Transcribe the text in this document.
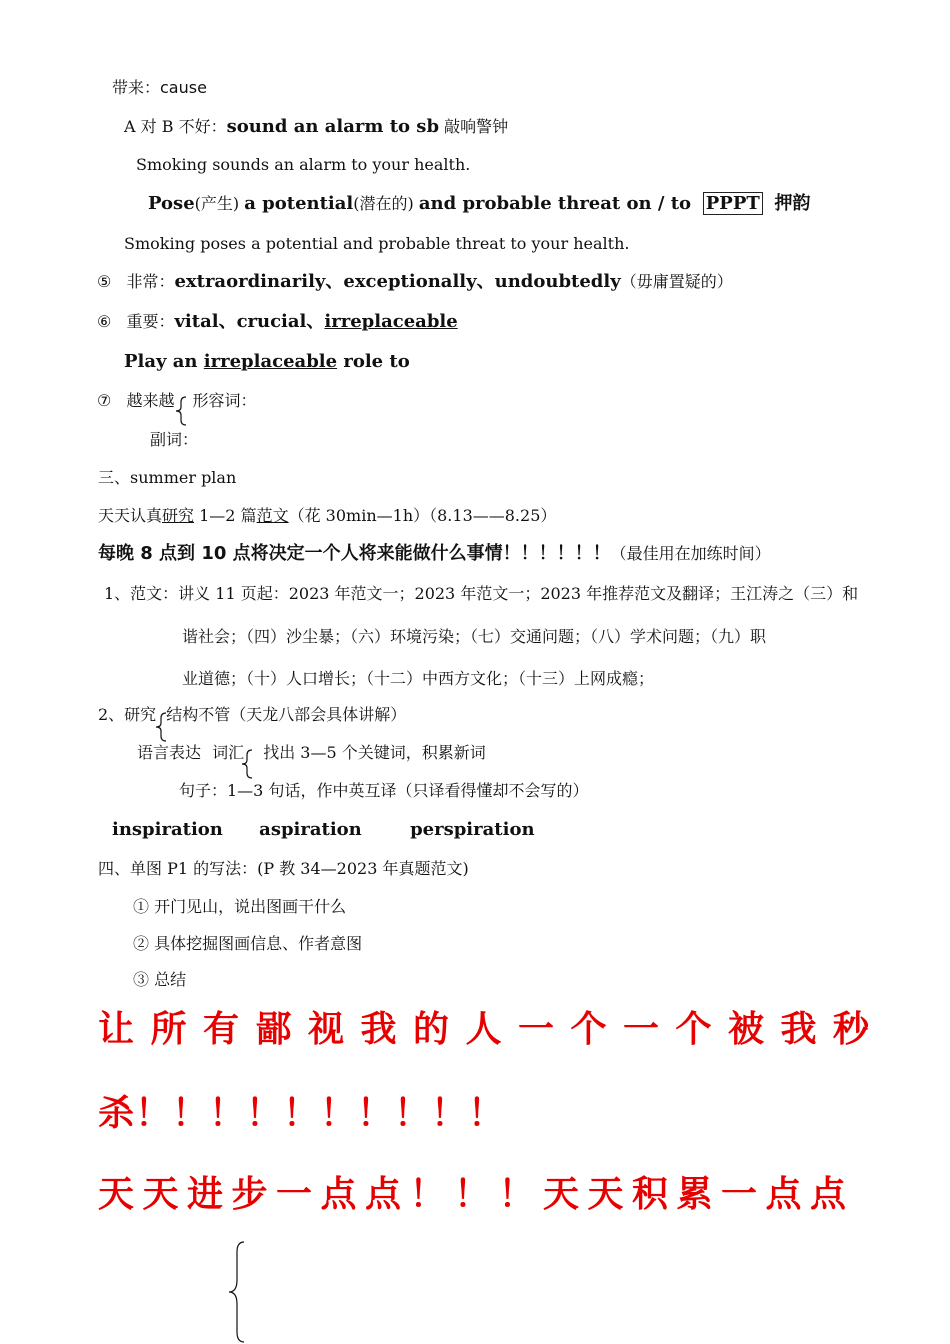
带来：cause
A 对 B 不好：sound an alarm to sb 敲响警钟
Smoking sounds an alarm to your health.
Pose(产生) a potential(潜在的) and probable threat on / to PPPT 押韵
Smoking poses a potential and probable threat to your health.
⑤ 非常：extraordinarily、exceptionally、undoubtedly（毋庸置疑的）
⑥ 重要：vital、crucial、irreplaceable
Play an irreplaceable role to
⑦ 越来越 形容词：
副词：
三、summer plan
天天认真研究 1—2 篇范文（花 30min—1h）（8.13——8.25）
每晚 8 点到 10 点将决定一个人将来能做什么事情！！！！！！（最佳用在加练时间）
1、范文：讲义 11 页起：2023 年范文一；2023 年范文一；2023 年推荐范文及翻译；王江涛之（三）和
谐社会；（四）沙尘暴；（六）环境污染；（七）交通问题；（八）学术问题；（九）职
业道德；（十）人口增长；（十二）中西方文化；（十三）上网成瘾；
2、研究 结构不管（天龙八部会具体讲解）
语言表达 词汇 找出 3—5 个关键词，积累新词
句子：1—3 句话，作中英互译（只译看得懂却不会写的）
inspiration aspiration	perspiration
四、单图 P1 的写法：(P 教 34—2023 年真题范文)
① 开门见山，说出图画干什么
② 具体挖掘图画信息、作者意图
③ 总结
让所有鄙视我的人一个一个被我秒
杀！！！！！！！！！！
天天进步一点点！！！天天积累一点点
